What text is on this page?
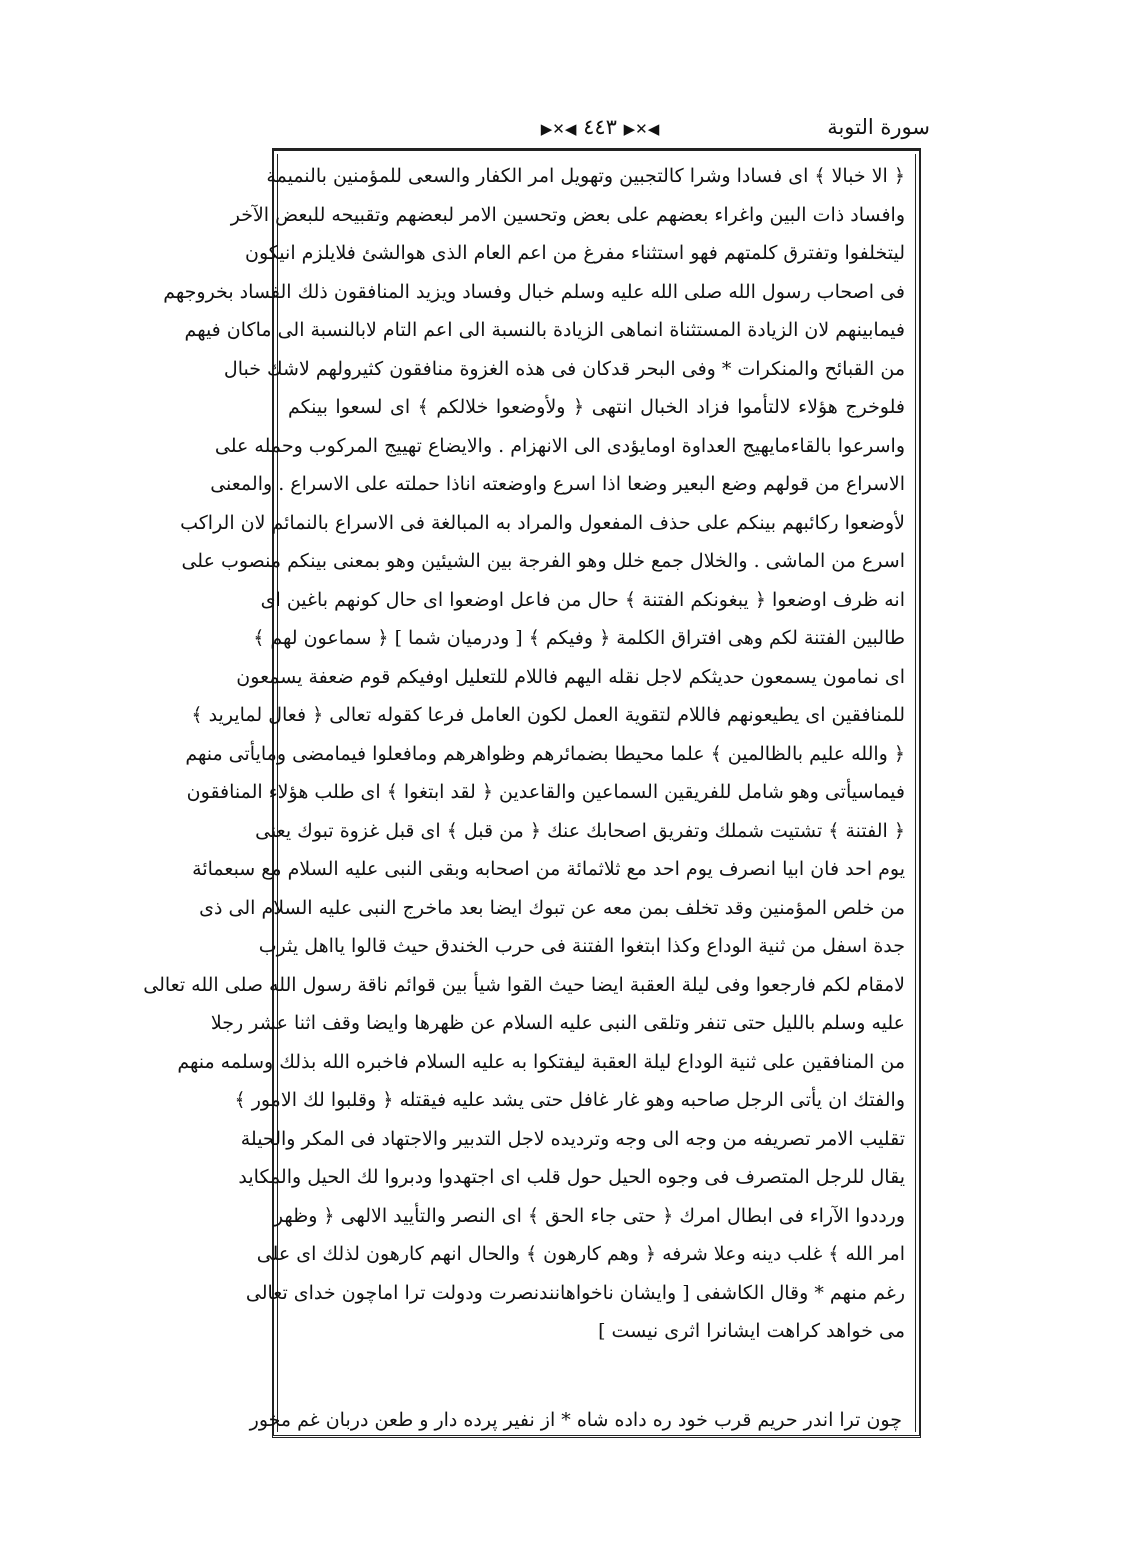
سورة التوبة
◀✕▶ ٤٤٣ ◀✕▶
﴿ الا خبالا ﴾ اى فسادا وشرا كالتجبين وتهويل امر الكفار والسعى للمؤمنين بالنميمة
وافساد ذات البين واغراء بعضهم على بعض وتحسين الامر لبعضهم وتقبيحه للبعض الآخر
ليتخلفوا وتفترق كلمتهم فهو استثناء مفرغ من اعم العام الذى هوالشئ فلايلزم انيكون
فى اصحاب رسول الله صلى الله عليه وسلم خبال وفساد ويزيد المنافقون ذلك الفساد بخروجهم
فيمابينهم لان الزيادة المستثناة انماهى الزيادة بالنسبة الى اعم التام لابالنسبة الى ماكان فيهم
من القبائح والمنكرات * وفى البحر قدكان فى هذه الغزوة منافقون كثيرولهم لاشك خبال
فلوخرج هؤلاء لالتأموا فزاد الخبال انتهى ﴿ ولأوضعوا خلالكم ﴾ اى لسعوا بينكم
واسرعوا بالقاءمايهيج العداوة اومايؤدى الى الانهزام . والايضاع تهييج المركوب وحمله على
الاسراع من قولهم وضع البعير وضعا اذا اسرع واوضعته اناذا حملته على الاسراع . والمعنى
لأوضعوا ركائبهم بينكم على حذف المفعول والمراد به المبالغة فى الاسراع بالنمائم لان الراكب
اسرع من الماشى . والخلال جمع خلل وهو الفرجة بين الشيئين وهو بمعنى بينكم منصوب على
انه ظرف اوضعوا ﴿ يبغونكم الفتنة ﴾ حال من فاعل اوضعوا اى حال كونهم باغين اى
طالبين الفتنة لكم وهى افتراق الكلمة ﴿ وفيكم ﴾ [ ودرميان شما ] ﴿ سماعون لهم ﴾
اى نمامون يسمعون حديثكم لاجل نقله اليهم فاللام للتعليل اوفيكم قوم ضعفة يسمعون
للمنافقين اى يطيعونهم فاللام لتقوية العمل لكون العامل فرعا كقوله تعالى ﴿ فعال لمايريد ﴾
﴿ والله عليم بالظالمين ﴾ علما محيطا بضمائرهم وظواهرهم ومافعلوا فيمامضى ومايأتى منهم
فيماسيأتى وهو شامل للفريقين السماعين والقاعدين ﴿ لقد ابتغوا ﴾ اى طلب هؤلاء المنافقون
﴿ الفتنة ﴾ تشتيت شملك وتفريق اصحابك عنك ﴿ من قبل ﴾ اى قبل غزوة تبوك يعنى
يوم احد فان ابيا انصرف يوم احد مع ثلاثمائة من اصحابه وبقى النبى عليه السلام مع سبعمائة
من خلص المؤمنين وقد تخلف بمن معه عن تبوك ايضا بعد ماخرج النبى عليه السلام الى ذى
جدة اسفل من ثنية الوداع وكذا ابتغوا الفتنة فى حرب الخندق حيث قالوا يااهل يثرب
لامقام لكم فارجعوا وفى ليلة العقبة ايضا حيث القوا شيأ بين قوائم ناقة رسول الله صلى الله تعالى
عليه وسلم بالليل حتى تنفر وتلقى النبى عليه السلام عن ظهرها وايضا وقف اثنا عشر رجلا
من المنافقين على ثنية الوداع ليلة العقبة ليفتكوا به عليه السلام فاخبره الله بذلك وسلمه منهم
والفتك ان يأتى الرجل صاحبه وهو غار غافل حتى يشد عليه فيقتله ﴿ وقلبوا لك الامور ﴾
تقليب الامر تصريفه من وجه الى وجه وترديده لاجل التدبير والاجتهاد فى المكر والحيلة
يقال للرجل المتصرف فى وجوه الحيل حول قلب اى اجتهدوا ودبروا لك الحيل والمكايد
ورددوا الآراء فى ابطال امرك ﴿ حتى جاء الحق ﴾ اى النصر والتأييد الالهى ﴿ وظهر
امر الله ﴾ غلب دينه وعلا شرفه ﴿ وهم كارهون ﴾ والحال انهم كارهون لذلك اى على
رغم منهم * وقال الكاشفى [ وايشان ناخواهانندنصرت ودولت ترا اماچون خداى تعالى
مى خواهد كراهت ايشانرا اثرى نيست ]
چون ترا اندر حريم قرب خود ره داده شاه * از نفير پرده دار و طعن دربان غم مخور
